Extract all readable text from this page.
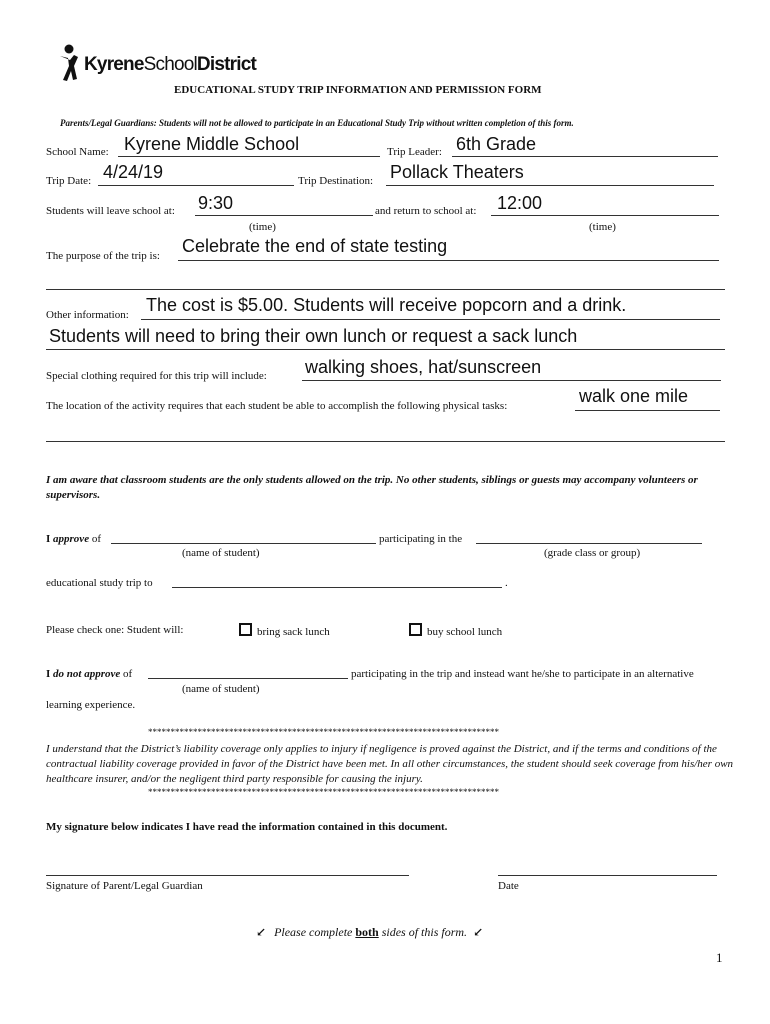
KyreneSchoolDistrict
EDUCATIONAL STUDY TRIP INFORMATION AND PERMISSION FORM
Parents/Legal Guardians: Students will not be allowed to participate in an Educational Study Trip without written completion of this form.
School Name: Kyrene Middle School	Trip Leader: 6th Grade
Trip Date: 4/24/19	Trip Destination: Pollack Theaters
Students will leave school at: 9:30
(time)
and return to school at: 12:00
(time)
The purpose of the trip is: Celebrate the end of state testing
Other information: The cost is $5.00. Students will receive popcorn and a drink.
Students will need to bring their own lunch or request a sack lunch
Special clothing required for this trip will include: walking shoes, hat/sunscreen
The location of the activity requires that each student be able to accomplish the following physical tasks:	walk one mile
I am aware that classroom students are the only students allowed on the trip. No other students, siblings or guests may accompany volunteers or supervisors.
I approve of	participating in the
(name of student)	(grade class or group)
educational study trip to	.
Please check one: Student will:	bring sack lunch	buy school lunch
I do not approve of	participating in the trip and instead want he/she to participate in an alternative
(name of student)
learning experience.
******************************************************************************
I understand that the District’s liability coverage only applies to injury if negligence is proved against the District, and if the terms and conditions of the contractual liability coverage provided in favor of the District have been met. In all other circumstances, the student should seek coverage from his/her own healthcare insurer, and/or the negligent third party responsible for causing the injury.
******************************************************************************
My signature below indicates I have read the information contained in this document.
Signature of Parent/Legal Guardian	Date
↙ Please complete both sides of this form. ↙
1
